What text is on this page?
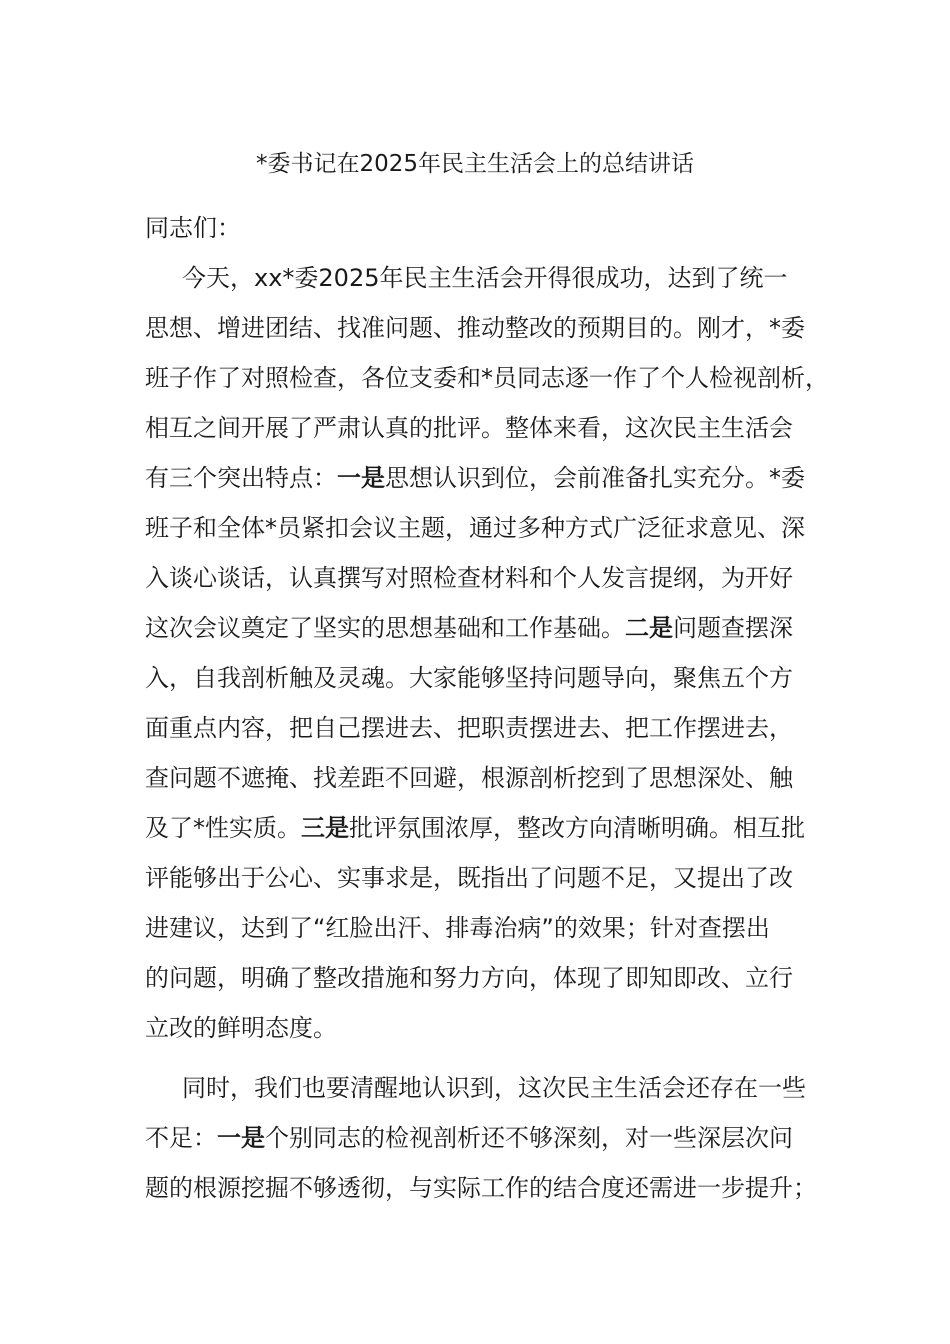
*委书记在2025年民主生活会上的总结讲话
同志们：
今天，xx*委2025年民主生活会开得很成功，达到了统一
思想、增进团结、找准问题、推动整改的预期目的。刚才，*委
班子作了对照检查，各位支委和*员同志逐一作了个人检视剖析，
相互之间开展了严肃认真的批评。整体来看，这次民主生活会
有三个突出特点：一是思想认识到位，会前准备扎实充分。*委
班子和全体*员紧扣会议主题，通过多种方式广泛征求意见、深
入谈心谈话，认真撰写对照检查材料和个人发言提纲，为开好
这次会议奠定了坚实的思想基础和工作基础。二是问题查摆深
入，自我剖析触及灵魂。大家能够坚持问题导向，聚焦五个方
面重点内容，把自己摆进去、把职责摆进去、把工作摆进去，
查问题不遮掩、找差距不回避，根源剖析挖到了思想深处、触
及了*性实质。三是批评氛围浓厚，整改方向清晰明确。相互批
评能够出于公心、实事求是，既指出了问题不足，又提出了改
进建议，达到了“红脸出汗、排毒治病”的效果；针对查摆出
的问题，明确了整改措施和努力方向，体现了即知即改、立行
立改的鲜明态度。
同时，我们也要清醒地认识到，这次民主生活会还存在一些
不足：一是个别同志的检视剖析还不够深刻，对一些深层次问
题的根源挖掘不够透彻，与实际工作的结合度还需进一步提升；
